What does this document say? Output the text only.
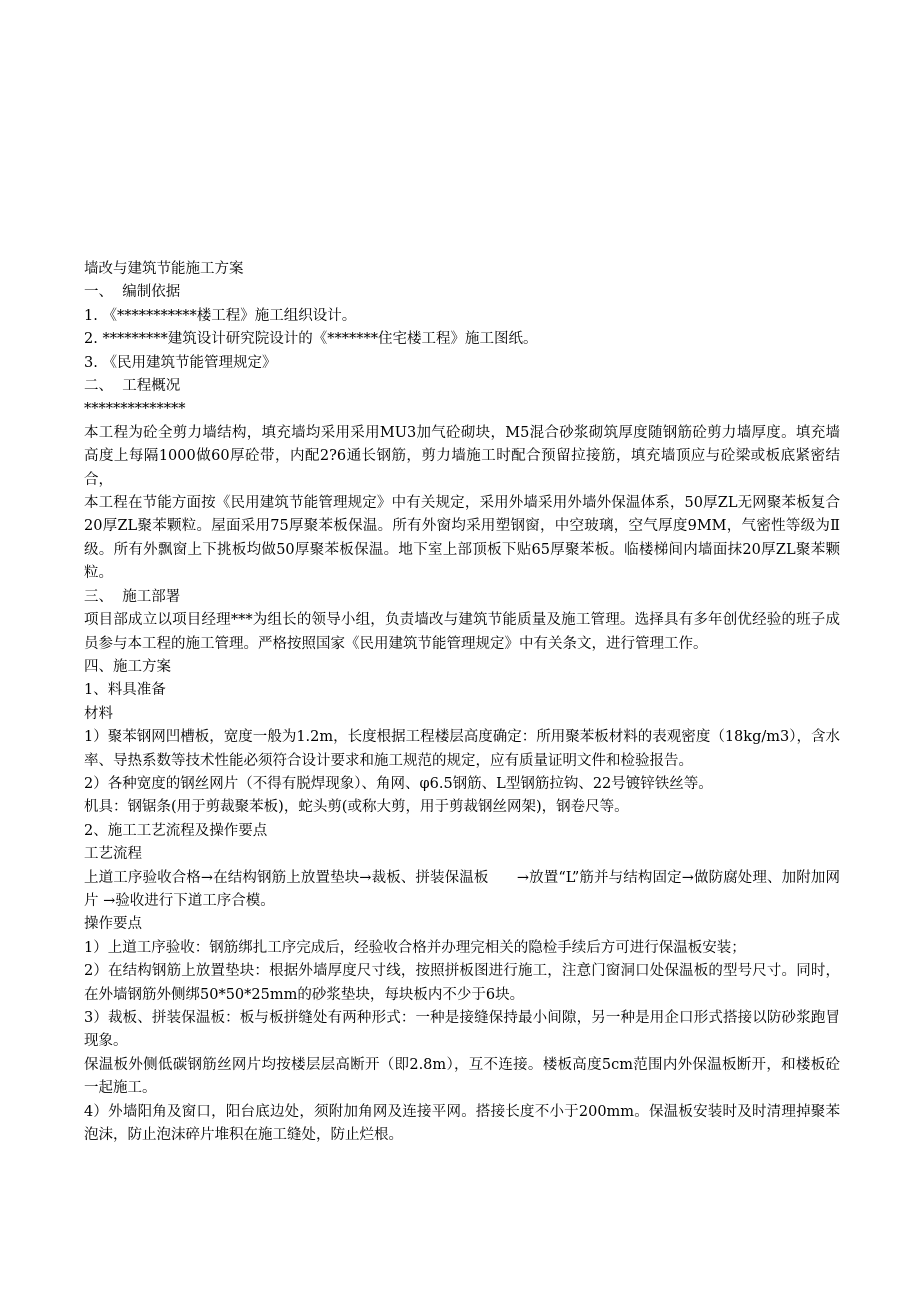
墙改与建筑节能施工方案
一、  编制依据
1. 《***********楼工程》施工组织设计。
2. *********建筑设计研究院设计的《*******住宅楼工程》施工图纸。
3. 《民用建筑节能管理规定》
二、  工程概况
**************
本工程为砼全剪力墙结构，填充墙均采用采用MU3加气砼砌块，M5混合砂浆砌筑厚度随钢筋砼剪力墙厚度。填充墙高度上每隔1000做60厚砼带，内配2?6通长钢筋，剪力墙施工时配合预留拉接筋，填充墙顶应与砼梁或板底紧密结合，
本工程在节能方面按《民用建筑节能管理规定》中有关规定，采用外墙采用外墙外保温体系，50厚ZL无网聚苯板复合20厚ZL聚苯颗粒。屋面采用75厚聚苯板保温。所有外窗均采用塑钢窗，中空玻璃，空气厚度9MM，气密性等级为Ⅱ级。所有外飘窗上下挑板均做50厚聚苯板保温。地下室上部顶板下贴65厚聚苯板。临楼梯间内墙面抹20厚ZL聚苯颗粒。
三、  施工部署
项目部成立以项目经理***为组长的领导小组，负责墙改与建筑节能质量及施工管理。选择具有多年创优经验的班子成员参与本工程的施工管理。严格按照国家《民用建筑节能管理规定》中有关条文，进行管理工作。
四、施工方案
1、料具准备
材料
1）聚苯钢网凹槽板，宽度一般为1.2m，长度根据工程楼层高度确定：所用聚苯板材料的表观密度（18kg/m3），含水率、导热系数等技术性能必须符合设计要求和施工规范的规定，应有质量证明文件和检验报告。
2）各种宽度的钢丝网片（不得有脱焊现象）、角网、φ6.5钢筋、L型钢筋拉钩、22号镀锌铁丝等。
机具：钢锯条(用于剪裁聚苯板)，蛇头剪(或称大剪，用于剪裁钢丝网架)，钢卷尺等。
2、施工工艺流程及操作要点
工艺流程
上道工序验收合格→在结构钢筋上放置垫块→裁板、拼装保温板      →放置“L”筋并与结构固定→做防腐处理、加附加网片 →验收进行下道工序合模。
操作要点
1）上道工序验收：钢筋绑扎工序完成后，经验收合格并办理完相关的隐检手续后方可进行保温板安装；
2）在结构钢筋上放置垫块：根据外墙厚度尺寸线，按照拼板图进行施工，注意门窗洞口处保温板的型号尺寸。同时，在外墙钢筋外侧绑50*50*25mm的砂浆垫块，每块板内不少于6块。
3）裁板、拼装保温板：板与板拼缝处有两种形式：一种是接缝保持最小间隙，另一种是用企口形式搭接以防砂浆跑冒现象。
保温板外侧低碳钢筋丝网片均按楼层层高断开（即2.8m），互不连接。楼板高度5cm范围内外保温板断开，和楼板砼一起施工。
4）外墙阳角及窗口，阳台底边处，须附加角网及连接平网。搭接长度不小于200mm。保温板安装时及时清理掉聚苯泡沫，防止泡沫碎片堆积在施工缝处，防止烂根。
